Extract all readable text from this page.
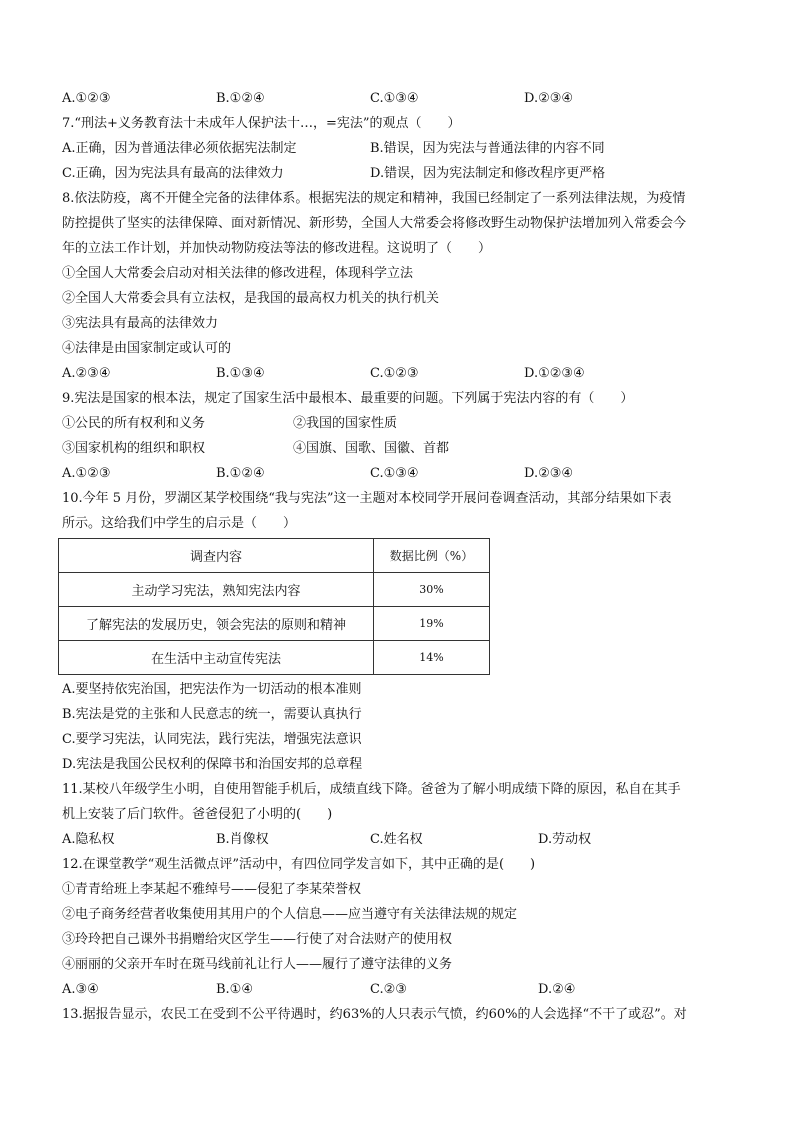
A.①②③	B.①②④	C.①③④	D.②③④
7.“刑法+义务教育法十未成年人保护法十…，=宪法”的观点（　　）
A.正确，因为普通法律必须依据宪法制定	B.错误，因为宪法与普通法律的内容不同
C.正确，因为宪法具有最高的法律效力	D.错误，因为宪法制定和修改程序更严格
8.依法防疫，离不开健全完备的法律体系。根据宪法的规定和精神，我国已经制定了一系列法律法规，为疫情
防控提供了坚实的法律保障、面对新情况、新形势，全国人大常委会将修改野生动物保护法增加列入常委会今
年的立法工作计划，并加快动物防疫法等法的修改进程。这说明了（　　）
①全国人大常委会启动对相关法律的修改进程，体现科学立法
②全国人大常委会具有立法权，是我国的最高权力机关的执行机关
③宪法具有最高的法律效力
④法律是由国家制定或认可的
A.②③④	B.①③④	C.①②③	D.①②③④
9.宪法是国家的根本法，规定了国家生活中最根本、最重要的问题。下列属于宪法内容的有（　　）
①公民的所有权利和义务	②我国的国家性质
③国家机构的组织和职权	④国旗、国歌、国徽、首都
A.①②③	B.①②④	C.①③④	D.②③④
10.今年 5 月份，罗湖区某学校围绕“我与宪法”这一主题对本校同学开展问卷调查活动，其部分结果如下表
所示。这给我们中学生的启示是（　　）
调查内容	数据比例（%）
主动学习宪法，熟知宪法内容	30%
了解宪法的发展历史，领会宪法的原则和精神	19%
在生活中主动宣传宪法	14%
A.要坚持依宪治国，把宪法作为一切活动的根本准则
B.宪法是党的主张和人民意志的统一，需要认真执行
C.要学习宪法，认同宪法，践行宪法，增强宪法意识
D.宪法是我国公民权利的保障书和治国安邦的总章程
11.某校八年级学生小明，自使用智能手机后，成绩直线下降。爸爸为了解小明成绩下降的原因，私自在其手
机上安装了后门软件。爸爸侵犯了小明的(　　)
A.隐私权	B.肖像权	C.姓名权	D.劳动权
12.在课堂教学“观生活微点评”活动中，有四位同学发言如下，其中正确的是(　　)
①青青给班上李某起不雅绰号——侵犯了李某荣誉权
②电子商务经营者收集使用其用户的个人信息——应当遵守有关法律法规的规定
③玲玲把自己课外书捐赠给灾区学生——行使了对合法财产的使用权
④丽丽的父亲开车时在斑马线前礼让行人——履行了遵守法律的义务
A.③④	B.①④	C.②③	D.②④
13.据报告显示，农民工在受到不公平待遇时，约63%的人只表示气愤，约60%的人会选择“不干了或忍”。对
